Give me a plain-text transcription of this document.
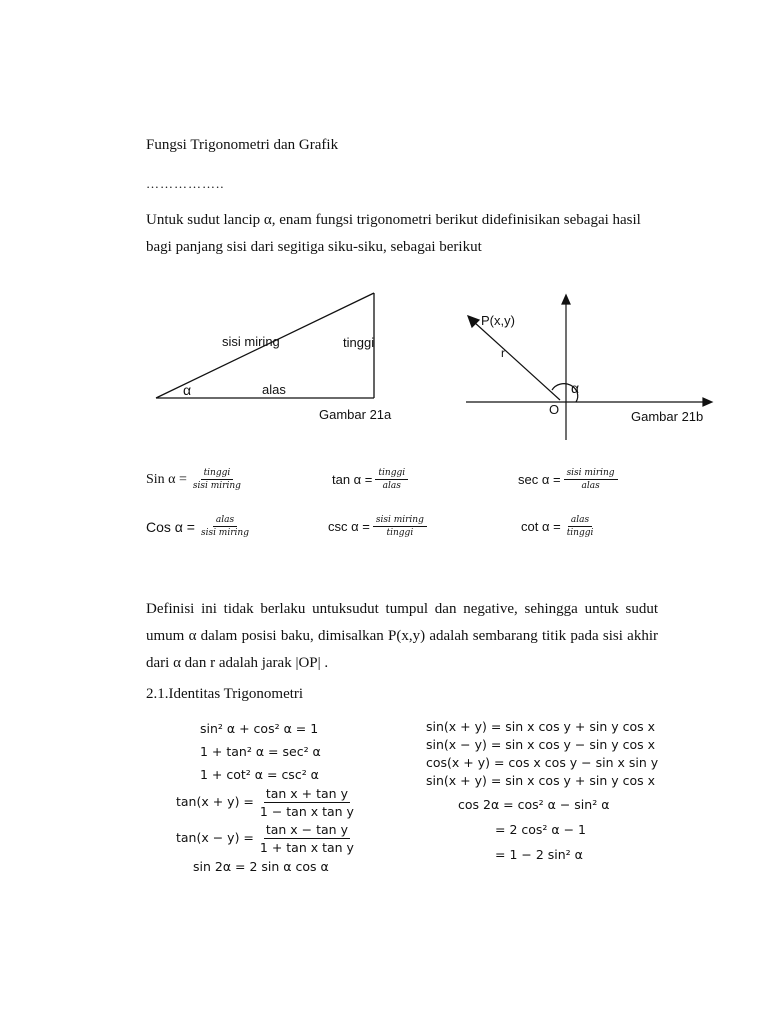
Fungsi Trigonometri dan Grafik
……………..
Untuk sudut lancip α, enam fungsi trigonometri berikut didefinisikan sebagai hasil bagi panjang sisi dari segitiga siku-siku, sebagai berikut
sisi miring	tinggi
alas
α
Gambar 21a
P(x,y)
r
α
O	Gambar 21b
Sin $\alpha = \frac{\text{tinggi}}{\text{sisi miring}}$	$\tan \alpha = \frac{\text{tinggi}}{\text{alas}}$	$\sec \alpha = \frac{\text{sisi miring}}{\text{alas}}$
Cos $\alpha = \frac{\text{alas}}{\text{sisi miring}}$	$\csc \alpha = \frac{\text{sisi miring}}{\text{tinggi}}$	$\cot \alpha = \frac{\text{alas}}{\text{tinggi}}$
Definisi ini tidak berlaku untuksudut tumpul dan negative, sehingga untuk sudut umum α dalam posisi baku, dimisalkan P(x,y) adalah sembarang titik pada sisi akhir dari α dan r adalah jarak |OP| .
2.1.Identitas Trigonometri
sin² α + cos² α = 1
1 + tan² α = sec² α
1 + cot² α = csc² α
$\tan(x + y) = \frac{\text{tan x + tan y}}{\text{1 − tan x tan y}}$
$\tan(x - y) = \frac{\text{tan x − tan y}}{\text{1 + tan x tan y}}$
sin 2α = 2 sin α cos α
sin(x + y) = sin x cos y + sin y cos x
sin(x − y) = sin x cos y − sin y cos x
cos(x + y) = cos x cos y − sin x sin y
sin(x + y) = sin x cos y + sin y cos x
cos 2α = cos² α − sin² α
= 2 cos² α − 1
= 1 − 2 sin² α
